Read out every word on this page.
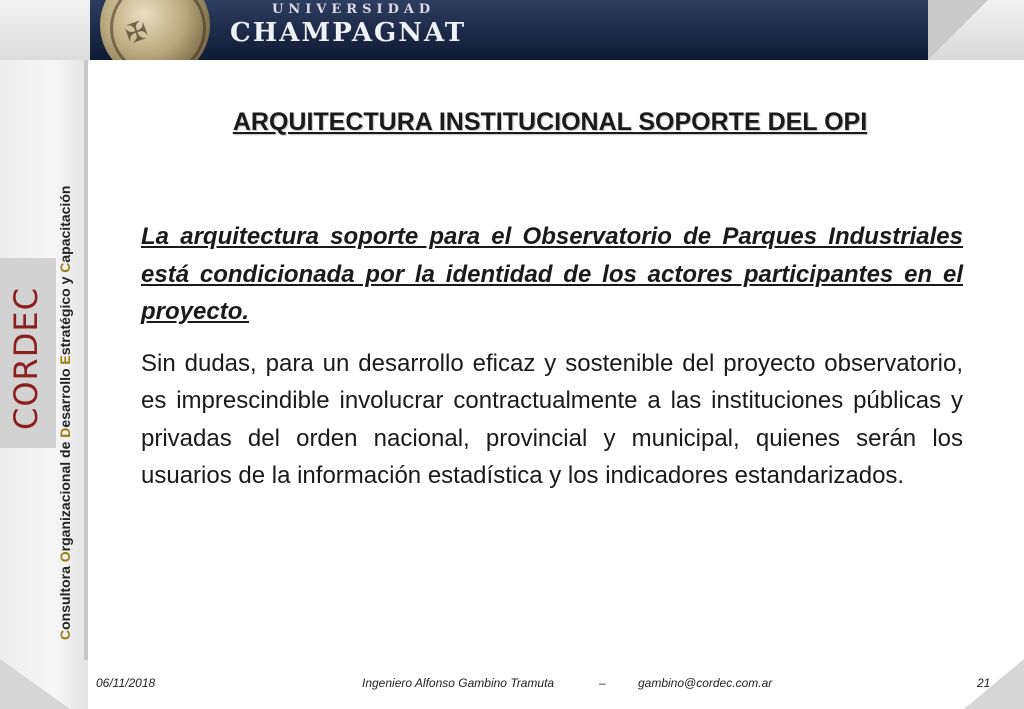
✠
UNIVERSIDAD
CHAMPAGNAT
CORDEC
Consultora Organizacional de Desarrollo Estratégico y Capacitación
ARQUITECTURA INSTITUCIONAL SOPORTE DEL OPI

La arquitectura soporte para el Observatorio de Parques Industriales está condicionada por la identidad de los actores participantes en el proyecto.

Sin dudas, para un desarrollo eficaz y sostenible del proyecto observatorio, es imprescindible involucrar contractualmente a las instituciones públicas y privadas del orden nacional, provincial y municipal, quienes serán los usuarios de la información estadística y los indicadores estandarizados.

06/11/2018	Ingeniero Alfonso Gambino Tramuta	–	gambino@cordec.com.ar	21
